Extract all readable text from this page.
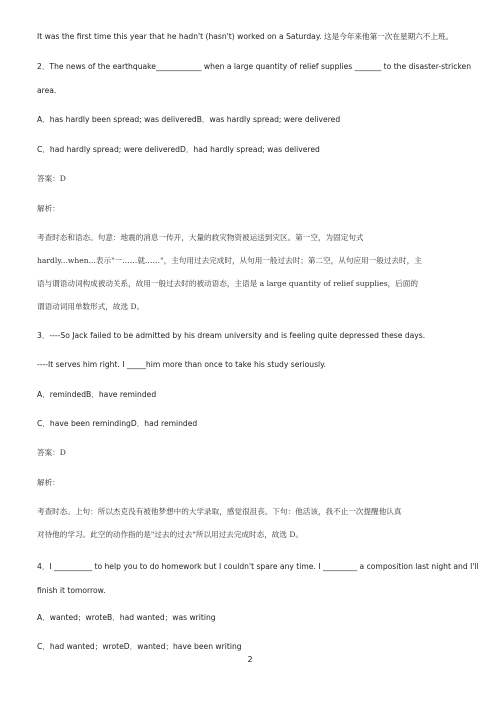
It was the first time this year that he hadn't (hasn't) worked on a Saturday. 这是今年来他第一次在星期六不上班。
2．The news of the earthquake____________ when a large quantity of relief supplies _______ to the disaster-stricken
area.
A．has hardly been spread; was deliveredB．was hardly spread; were delivered
C．had hardly spread; were deliveredD．had hardly spread; was delivered
答案：D
解析：
考查时态和语态。句意：地震的消息一传开，大量的救灾物资被运送到灾区。第一空，为固定句式
hardly...when...表示"一……就……"，主句用过去完成时，从句用一般过去时；第二空，从句应用一般过去时，主
语与谓语动词构成被动关系，故用一般过去时的被动语态，主语是 a large quantity of relief supplies，后面的
谓语动词用单数形式，故选 D。
3．----So Jack failed to be admitted by his dream university and is feeling quite depressed these days.
----It serves him right. I _____him more than once to take his study seriously.
A．remindedB．have reminded
C．have been remindingD．had reminded
答案：D
解析：
考查时态。上句：所以杰克没有被他梦想中的大学录取，感觉很沮丧。下句：他活该，我不止一次提醒他认真
对待他的学习。此空的动作指的是"过去的过去"所以用过去完成时态，故选 D。
4．I __________ to help you to do homework but I couldn't spare any time. I _________ a composition last night and I'll
finish it tomorrow.
A．wanted；wroteB．had wanted；was writing
C．had wanted；wroteD．wanted；have been writing
2
